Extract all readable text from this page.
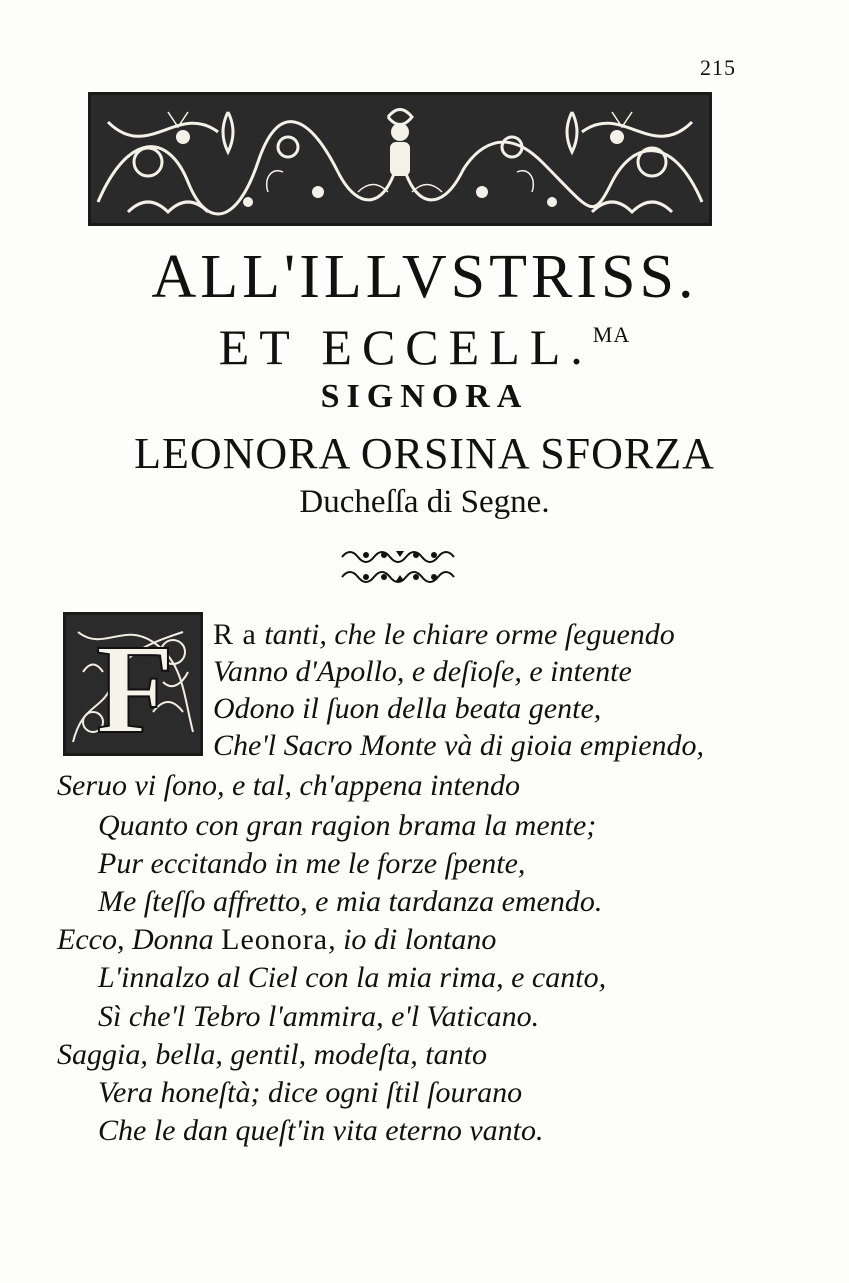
215
ALL'ILLVSTRISS.
ET ECCELL.$^{MA}$
SIGNORA
LEONORA ORSINA SFORZA
Ducheſſa di Segne.
F R a tanti, che le chiare orme ſeguendo
Vanno d'Apollo, e deſioſe, e intente
Odono il ſuon della beata gente,
Che'l Sacro Monte và di gioia empiendo,
Seruo vi ſono, e tal, ch'appena intendo
Quanto con gran ragion brama la mente;
Pur eccitando in me le forze ſpente,
Me ſteſſo affretto, e mia tardanza emendo.
Ecco, Donna Leonora, io di lontano
L'innalzo al Ciel con la mia rima, e canto,
Sì che'l Tebro l'ammira, e'l Vaticano.
Saggia, bella, gentil, modeſta, tanto
Vera honeſtà; dice ogni ſtil ſourano
Che le dan queſt'in vita eterno vanto.
